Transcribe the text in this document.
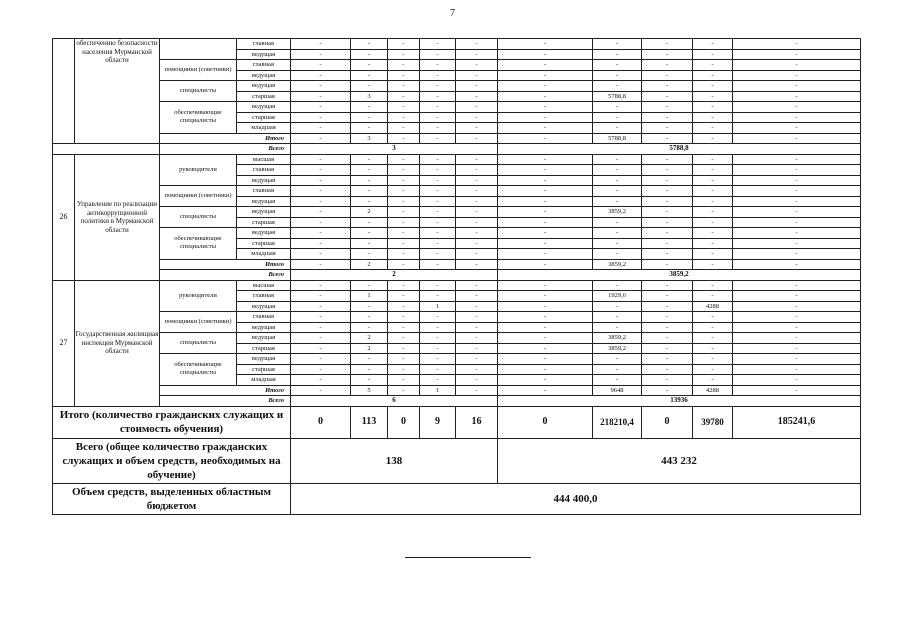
7
	обеспечению безопасности населения Мурманской области		главная	-	-	-	-	-	-	-	-	-	-
			ведущая	-	-	-	-	-	-	-	-	-	-
		помощники (советники)	главная	-	-	-	-	-	-	-	-	-	-
			ведущая	-	-	-	-	-	-	-	-	-	-
		специалисты	ведущая	-	-	-	-	-	-	-	-	-	-
			старшая	-	3	-	-	-	-	5788,8	-	-	-
		обеспечивающие специалисты	ведущая	-	-	-	-	-	-	-	-	-	-
			старшая	-	-	-	-	-	-	-	-	-	-
			младшая	-	-	-	-	-	-	-	-	-	-
		Итого		-	3	-	-	-	-	5788,8	-	-	-
		Всего		3					5788,8				
26	Управление по реализации антикоррупционной политики в Мурманской области	руководители	высшая	-	-	-	-	-	-	-	-	-	-
			главная	-	-	-	-	-	-	-	-	-	-
			ведущая	-	-	-	-	-	-	-	-	-	-
		помощники (советники)	главная	-	-	-	-	-	-	-	-	-	-
			ведущая	-	-	-	-	-	-	-	-	-	-
		специалисты	ведущая	-	2	-	-	-	-	3859,2	-	-	-
			старшая	-	-	-	-	-	-	-	-	-	-
		обеспечивающие специалисты	ведущая	-	-	-	-	-	-	-	-	-	-
			старшая	-	-	-	-	-	-	-	-	-	-
			младшая	-	-	-	-	-	-	-	-	-	-
		Итого		-	2	-	-	-	-	3859,2	-	-	-
		Всего		2					3859,2				
27	Государственная жилищная инспекция Мурманской области	руководители	высшая	-	-	-	-	-	-	-	-	-	-
			главная	-	1	-	-	-	-	1929,6	-	-	-
			ведущая	-	-	-	1	-	-	-	-	4288	-
		помощники (советники)	главная	-	-	-	-	-	-	-	-	-	-
			ведущая	-	-	-	-	-	-	-	-	-	-
		специалисты	ведущая	-	2	-	-	-	-	3859,2	-	-	-
			старшая	-	2	-	-	-	-	3859,2	-	-	-
		обеспечивающие специалисты	ведущая	-	-	-	-	-	-	-	-	-	-
			старшая	-	-	-	-	-	-	-	-	-	-
			младшая	-	-	-	-	-	-	-	-	-	-
		Итого		-	5	-	1	-	-	9648	-	4288	-
		Всего		6					13936				
Итого (количество гражданских служащих и стоимость обучения)				0	113	0	9	16	0	218210,4	0	39780	185241,6
Всего (общее количество гражданских служащих и объем средств, необходимых на обучение)				138					443 232				
Объем средств, выделенных областным бюджетом				444 400,0									
